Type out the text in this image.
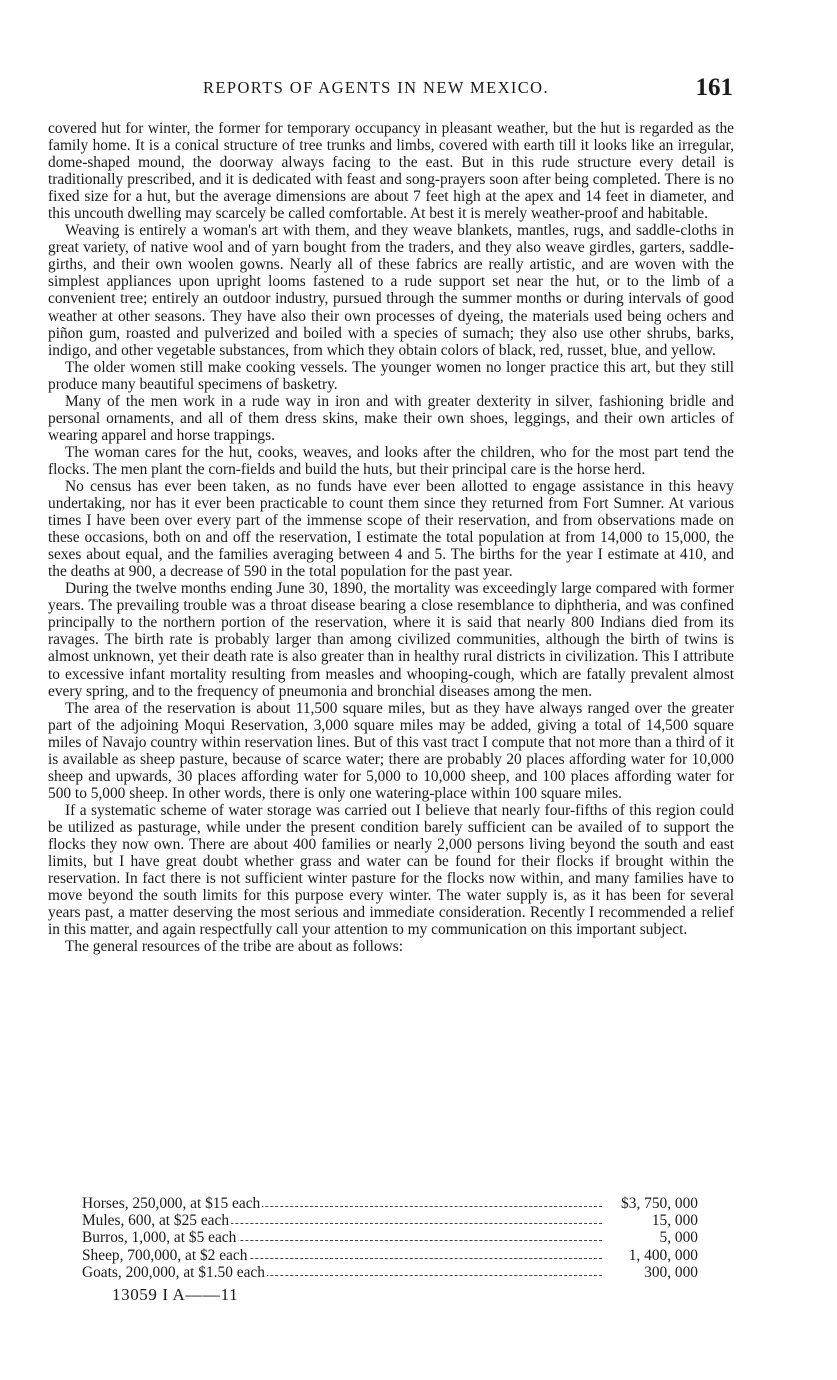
REPORTS OF AGENTS IN NEW MEXICO.	161

covered hut for winter, the former for temporary occupancy in pleasant weather, but the hut is regarded as the family home. It is a conical structure of tree trunks and limbs, covered with earth till it looks like an irregular, dome-shaped mound, the doorway always facing to the east. But in this rude structure every detail is traditionally prescribed, and it is dedicated with feast and song-prayers soon after being completed. There is no fixed size for a hut, but the average dimensions are about 7 feet high at the apex and 14 feet in diameter, and this uncouth dwelling may scarcely be called comfortable. At best it is merely weather-proof and habitable.

Weaving is entirely a woman's art with them, and they weave blankets, mantles, rugs, and saddle-cloths in great variety, of native wool and of yarn bought from the traders, and they also weave girdles, garters, saddle-girths, and their own woolen gowns. Nearly all of these fabrics are really artistic, and are woven with the simplest appliances upon upright looms fastened to a rude support set near the hut, or to the limb of a convenient tree; entirely an outdoor industry, pursued through the summer months or during intervals of good weather at other seasons. They have also their own processes of dyeing, the materials used being ochers and piñon gum, roasted and pulverized and boiled with a species of sumach; they also use other shrubs, barks, indigo, and other vegetable substances, from which they obtain colors of black, red, russet, blue, and yellow.

The older women still make cooking vessels. The younger women no longer practice this art, but they still produce many beautiful specimens of basketry.

Many of the men work in a rude way in iron and with greater dexterity in silver, fashioning bridle and personal ornaments, and all of them dress skins, make their own shoes, leggings, and their own articles of wearing apparel and horse trappings.

The woman cares for the hut, cooks, weaves, and looks after the children, who for the most part tend the flocks. The men plant the corn-fields and build the huts, but their principal care is the horse herd.

No census has ever been taken, as no funds have ever been allotted to engage assistance in this heavy undertaking, nor has it ever been practicable to count them since they returned from Fort Sumner. At various times I have been over every part of the immense scope of their reservation, and from observations made on these occasions, both on and off the reservation, I estimate the total population at from 14,000 to 15,000, the sexes about equal, and the families averaging between 4 and 5. The births for the year I estimate at 410, and the deaths at 900, a decrease of 590 in the total population for the past year.

During the twelve months ending June 30, 1890, the mortality was exceedingly large compared with former years. The prevailing trouble was a throat disease bearing a close resemblance to diphtheria, and was confined principally to the northern portion of the reservation, where it is said that nearly 800 Indians died from its ravages. The birth rate is probably larger than among civilized communities, although the birth of twins is almost unknown, yet their death rate is also greater than in healthy rural districts in civilization. This I attribute to excessive infant mortality resulting from measles and whooping-cough, which are fatally prevalent almost every spring, and to the frequency of pneumonia and bronchial diseases among the men.

The area of the reservation is about 11,500 square miles, but as they have always ranged over the greater part of the adjoining Moqui Reservation, 3,000 square miles may be added, giving a total of 14,500 square miles of Navajo country within reservation lines. But of this vast tract I compute that not more than a third of it is available as sheep pasture, because of scarce water; there are probably 20 places affording water for 10,000 sheep and upwards, 30 places affording water for 5,000 to 10,000 sheep, and 100 places affording water for 500 to 5,000 sheep. In other words, there is only one watering-place within 100 square miles.

If a systematic scheme of water storage was carried out I believe that nearly four-fifths of this region could be utilized as pasturage, while under the present condition barely sufficient can be availed of to support the flocks they now own. There are about 400 families or nearly 2,000 persons living beyond the south and east limits, but I have great doubt whether grass and water can be found for their flocks if brought within the reservation. In fact there is not sufficient winter pasture for the flocks now within, and many families have to move beyond the south limits for this purpose every winter. The water supply is, as it has been for several years past, a matter deserving the most serious and immediate consideration. Recently I recommended a relief in this matter, and again respectfully call your attention to my communication on this important subject.

The general resources of the tribe are about as follows:

Horses, 250,000, at $15 each	$3, 750, 000
Mules, 600, at $25 each	15, 000
Burros, 1,000, at $5 each	5, 000
Sheep, 700,000, at $2 each	1, 400, 000
Goats, 200,000, at $1.50 each	300, 000
13059 I A——11
